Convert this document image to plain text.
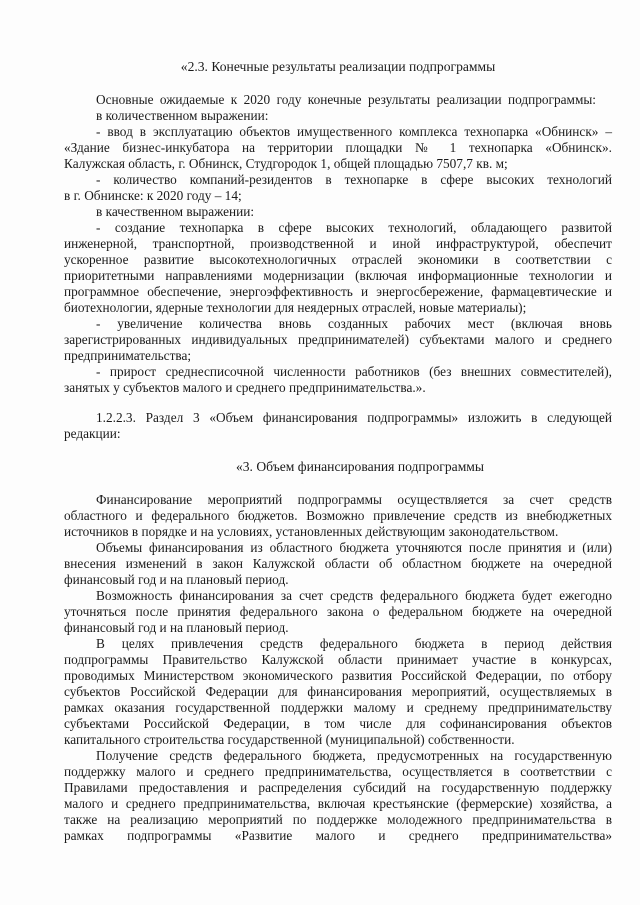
«2.3. Конечные результаты реализации подпрограммы

Основные ожидаемые к 2020 году конечные результаты реализации подпрограммы:

в количественном выражении:

- ввод в эксплуатацию объектов имущественного комплекса технопарка «Обнинск» –

«Здание бизнес-инкубатора на территории площадки № 1 технопарка «Обнинск».

Калужская область, г. Обнинск, Студгородок 1, общей площадью 7507,7 кв. м;

- количество компаний-резидентов в технопарке в сфере высоких технологий

в г. Обнинске: к 2020 году – 14;

в качественном выражении:

- создание технопарка в сфере высоких технологий, обладающего развитой

инженерной, транспортной, производственной и иной инфраструктурой, обеспечит

ускоренное развитие высокотехнологичных отраслей экономики в соответствии с

приоритетными направлениями модернизации (включая информационные технологии и

программное обеспечение, энергоэффективность и энергосбережение, фармацевтические и

биотехнологии, ядерные технологии для неядерных отраслей, новые материалы);

- увеличение количества вновь созданных рабочих мест (включая вновь

зарегистрированных индивидуальных предпринимателей) субъектами малого и среднего

предпринимательства;

- прирост среднесписочной численности работников (без внешних совместителей),

занятых у субъектов малого и среднего предпринимательства.».

1.2.2.3. Раздел 3 «Объем финансирования подпрограммы» изложить в следующей

редакции:

«3. Объем финансирования подпрограммы

Финансирование мероприятий подпрограммы осуществляется за счет средств

областного и федерального бюджетов. Возможно привлечение средств из внебюджетных

источников в порядке и на условиях, установленных действующим законодательством.

Объемы финансирования из областного бюджета уточняются после принятия и (или)

внесения изменений в закон Калужской области об областном бюджете на очередной

финансовый год и на плановый период.

Возможность финансирования за счет средств федерального бюджета будет ежегодно

уточняться после принятия федерального закона о федеральном бюджете на очередной

финансовый год и на плановый период.

В целях привлечения средств федерального бюджета в период действия

подпрограммы Правительство Калужской области принимает участие в конкурсах,

проводимых Министерством экономического развития Российской Федерации, по отбору

субъектов Российской Федерации для финансирования мероприятий, осуществляемых в

рамках оказания государственной поддержки малому и среднему предпринимательству

субъектами Российской Федерации, в том числе для софинансирования объектов

капитального строительства государственной (муниципальной) собственности.

Получение средств федерального бюджета, предусмотренных на государственную

поддержку малого и среднего предпринимательства, осуществляется в соответствии с

Правилами предоставления и распределения субсидий на государственную поддержку

малого и среднего предпринимательства, включая крестьянские (фермерские) хозяйства, а

также на реализацию мероприятий по поддержке молодежного предпринимательства в

рамках подпрограммы «Развитие малого и среднего предпринимательства»
